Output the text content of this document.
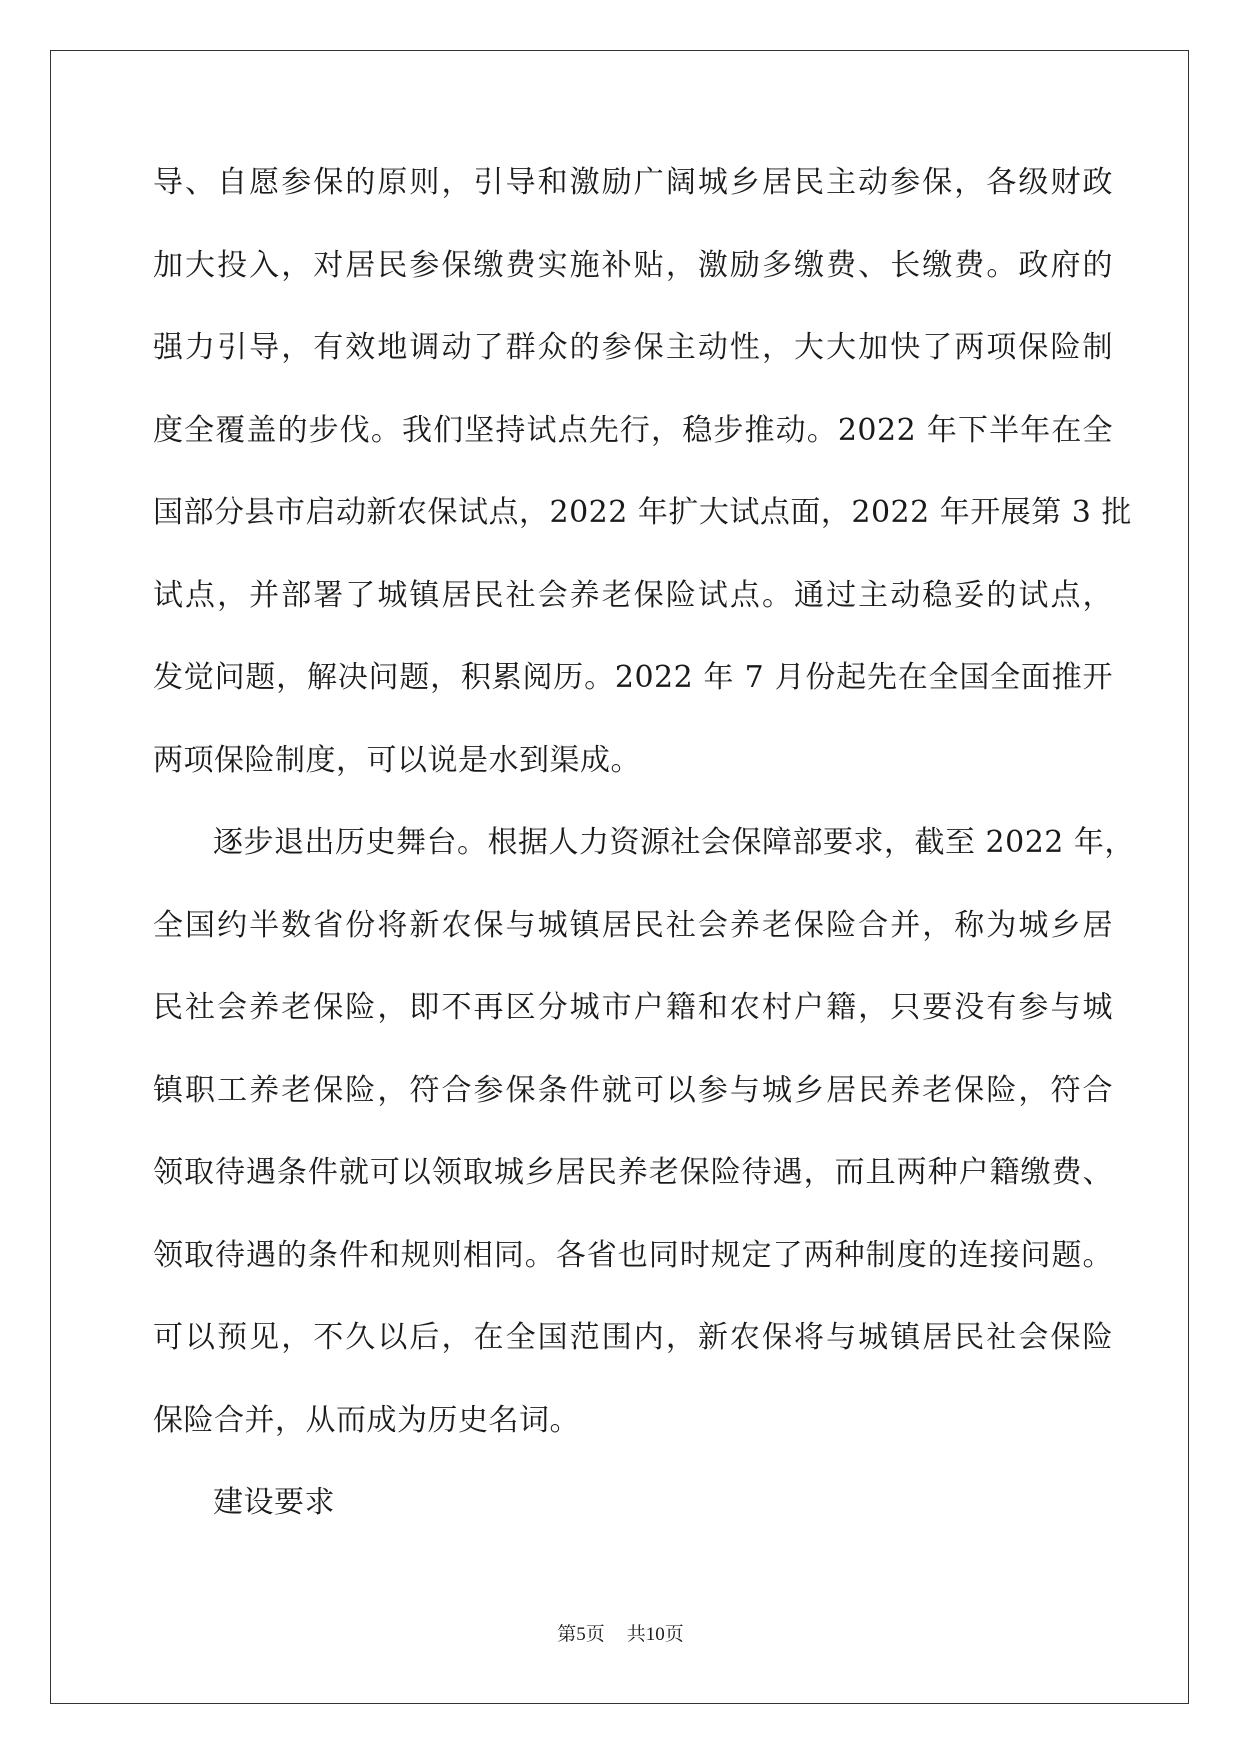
导、自愿参保的原则，引导和激励广阔城乡居民主动参保，各级财政
加大投入，对居民参保缴费实施补贴，激励多缴费、长缴费。政府的
强力引导，有效地调动了群众的参保主动性，大大加快了两项保险制
度全覆盖的步伐。我们坚持试点先行，稳步推动。2022 年下半年在全
国部分县市启动新农保试点，2022 年扩大试点面，2022 年开展第 3 批
试点，并部署了城镇居民社会养老保险试点。通过主动稳妥的试点，
发觉问题，解决问题，积累阅历。2022 年 7 月份起先在全国全面推开
两项保险制度，可以说是水到渠成。
逐步退出历史舞台。根据人力资源社会保障部要求，截至 2022 年，
全国约半数省份将新农保与城镇居民社会养老保险合并，称为城乡居
民社会养老保险，即不再区分城市户籍和农村户籍，只要没有参与城
镇职工养老保险，符合参保条件就可以参与城乡居民养老保险，符合
领取待遇条件就可以领取城乡居民养老保险待遇，而且两种户籍缴费、
领取待遇的条件和规则相同。各省也同时规定了两种制度的连接问题。
可以预见，不久以后，在全国范围内，新农保将与城镇居民社会保险
保险合并，从而成为历史名词。
建设要求
第5页 共10页
